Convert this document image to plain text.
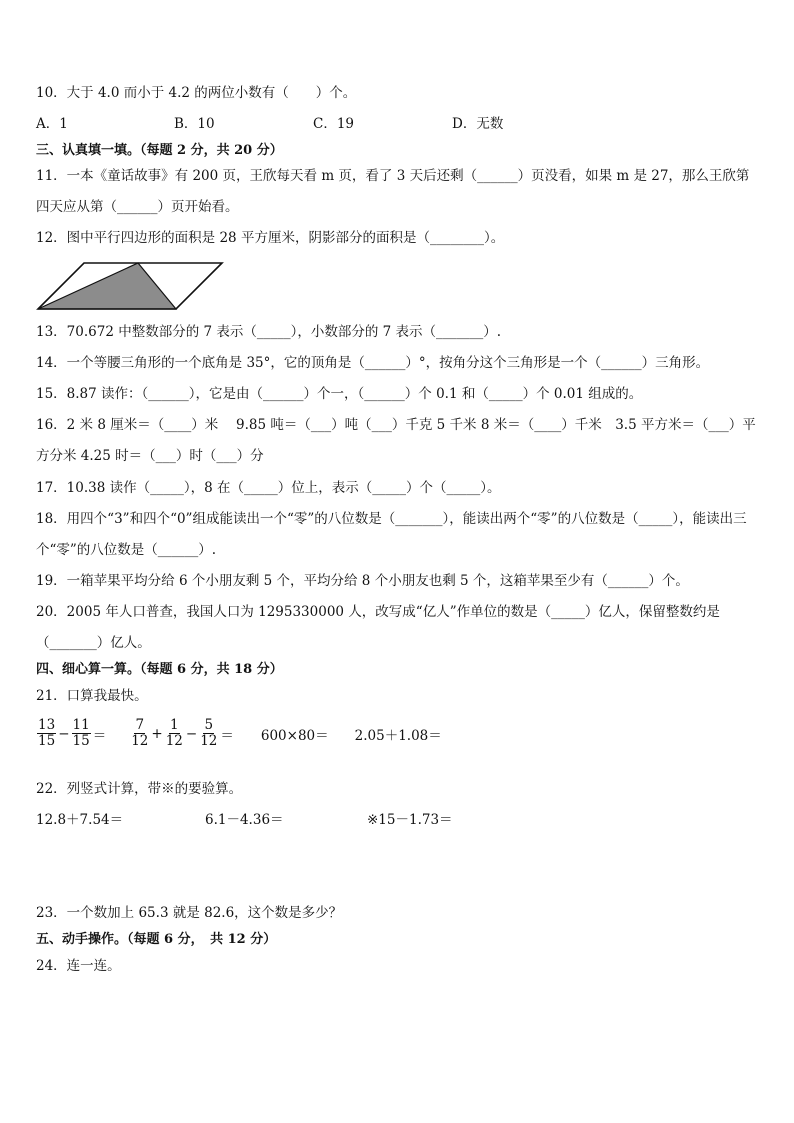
10．大于 4.0 而小于 4.2 的两位小数有（　　）个。
A．1	B．10	C．19	D．无数
三、认真填一填。（每题 2 分，共 20 分）
11．一本《童话故事》有 200 页，王欣每天看 m 页，看了 3 天后还剩（______）页没看，如果 m 是 27，那么王欣第
四天应从第（______）页开始看。
12．图中平行四边形的面积是 28 平方厘米，阴影部分的面积是（________）。
13．70.672 中整数部分的 7 表示（_____），小数部分的 7 表示（_______）.
14．一个等腰三角形的一个底角是 35°，它的顶角是（______）°，按角分这个三角形是一个（______）三角形。
15．8.87 读作：（______），它是由（______）个一，（______）个 0.1 和（_____）个 0.01 组成的。
16．2 米 8 厘米＝（____）米　 9.85 吨＝（___）吨（___）千克 5 千米 8 米＝（____）千米　3.5 平方米＝（___）平
方分米 4.25 时＝（___）时（___）分
17．10.38 读作（_____），8 在（_____）位上，表示（_____）个（_____）。
18．用四个“3”和四个“0”组成能读出一个“零”的八位数是（_______），能读出两个“零”的八位数是（_____），能读出三
个“零”的八位数是（______）.
19．一箱苹果平均分给 6 个小朋友剩 5 个，平均分给 8 个小朋友也剩 5 个，这箱苹果至少有（______）个。
20．2005 年人口普查，我国人口为 1295330000 人，改写成“亿人”作单位的数是（_____）亿人，保留整数约是
（_______）亿人。
四、细心算一算。（每题 6 分，共 18 分）
21．口算我最快。
$\frac{13}{15} - \frac{11}{15} = \frac{7}{12} + \frac{1}{12} - \frac{5}{12} = 600\times 80= 2.05+1.08=$
22．列竖式计算，带※的要验算。
12.8＋7.54＝	6.1－4.36＝	※15－1.73＝
23．一个数加上 65.3 就是 82.6，这个数是多少？
五、动手操作。（每题 6 分，　共 12 分）
24．连一连。
